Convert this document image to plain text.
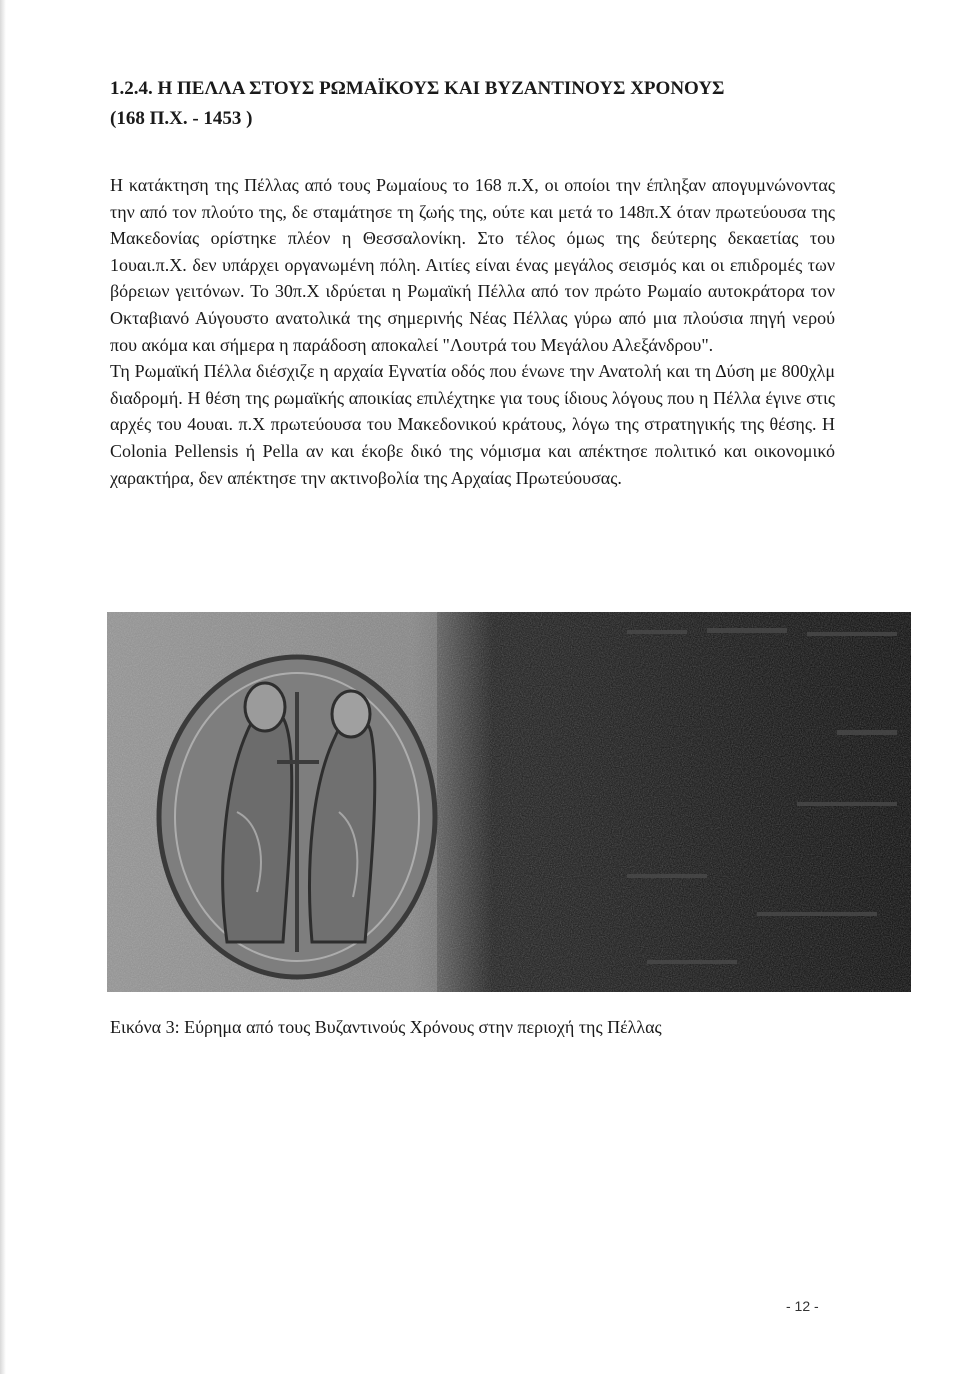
1.2.4. Η ΠΕΛΛΑ ΣΤΟΥΣ ΡΩΜΑΪΚΟΥΣ ΚΑΙ ΒΥΖΑΝΤΙΝΟΥΣ ΧΡΟΝΟΥΣ
(168 Π.Χ. - 1453 )

Η κατάκτηση της Πέλλας από τους Ρωμαίους το 168 π.Χ, οι οποίοι την έπληξαν απογυμνώνοντας την από τον πλούτο της, δε σταμάτησε τη ζωής της, ούτε και μετά το 148π.Χ όταν πρωτεύουσα της Μακεδονίας ορίστηκε πλέον η Θεσσαλονίκη. Στο τέλος όμως της δεύτερης δεκαετίας του 1ουαι.π.Χ. δεν υπάρχει οργανωμένη πόλη. Αιτίες είναι ένας μεγάλος σεισμός και οι επιδρομές των βόρειων γειτόνων. Το 30π.Χ ιδρύεται η Ρωμαϊκή Πέλλα από τον πρώτο Ρωμαίο αυτοκράτορα τον Οκταβιανό Αύγουστο ανατολικά της σημερινής Νέας Πέλλας γύρω από μια πλούσια πηγή νερού που ακόμα και σήμερα η παράδοση αποκαλεί "Λουτρά του Μεγάλου Αλεξάνδρου".

Τη Ρωμαϊκή Πέλλα διέσχιζε η αρχαία Εγνατία οδός που ένωνε την Ανατολή και τη Δύση με 800χλμ διαδρομή. Η θέση της ρωμαϊκής αποικίας επιλέχτηκε για τους ίδιους λόγους που η Πέλλα έγινε στις αρχές του 4ουαι. π.Χ πρωτεύουσα του Μακεδονικού κράτους, λόγω της στρατηγικής της θέσης. Η Colonia Pellensis ή Pella αν και έκοβε δικό της νόμισμα και απέκτησε πολιτικό και οικονομικό χαρακτήρα, δεν απέκτησε την ακτινοβολία της Αρχαίας Πρωτεύουσας.

Εικόνα 3: Εύρημα από τους Βυζαντινούς Χρόνους στην περιοχή της Πέλλας
- 12 -
